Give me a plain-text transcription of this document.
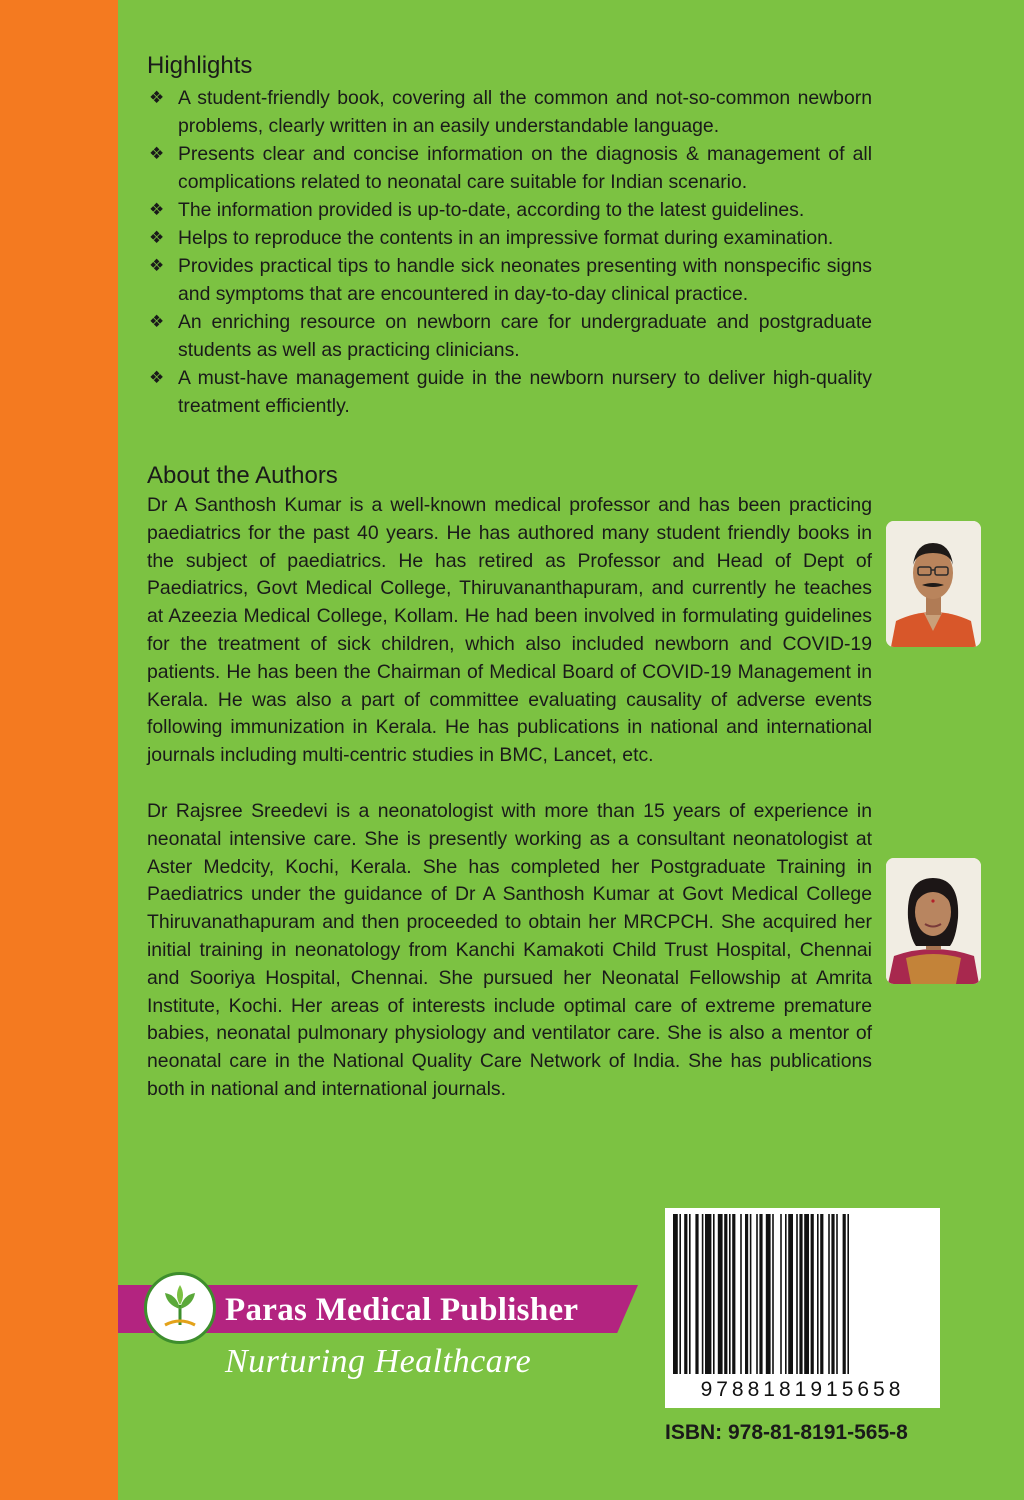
Highlights
❖ A student-friendly book, covering all the common and not-so-common newborn problems, clearly written in an easily understandable language.
❖ Presents clear and concise information on the diagnosis & management of all complications related to neonatal care suitable for Indian scenario.
❖ The information provided is up-to-date, according to the latest guidelines.
❖ Helps to reproduce the contents in an impressive format during examination.
❖ Provides practical tips to handle sick neonates presenting with nonspecific signs and symptoms that are encountered in day-to-day clinical practice.
❖ An enriching resource on newborn care for undergraduate and postgraduate students as well as practicing clinicians.
❖ A must-have management guide in the newborn nursery to deliver high-quality treatment efficiently.
About the Authors

Dr A Santhosh Kumar is a well-known medical professor and has been practicing paediatrics for the past 40 years. He has authored many student friendly books in the subject of paediatrics. He has retired as Professor and Head of Dept of Paediatrics, Govt Medical College, Thiruvananthapuram, and currently he teaches at Azeezia Medical College, Kollam. He had been involved in formulating guidelines for the treatment of sick children, which also included newborn and COVID-19 patients. He has been the Chairman of Medical Board of COVID-19 Management in Kerala. He was also a part of committee evaluating causality of adverse events following immunization in Kerala. He has publications in national and international journals including multi-centric studies in BMC, Lancet, etc.

Dr Rajsree Sreedevi is a neonatologist with more than 15 years of experience in neonatal intensive care. She is presently working as a consultant neonatologist at Aster Medcity, Kochi, Kerala. She has completed her Postgraduate Training in Paediatrics under the guidance of Dr A Santhosh Kumar at Govt Medical College Thiruvanathapuram and then proceeded to obtain her MRCPCH. She acquired her initial training in neonatology from Kanchi Kamakoti Child Trust Hospital, Chennai and Sooriya Hospital, Chennai. She pursued her Neonatal Fellowship at Amrita Institute, Kochi. Her areas of interests include optimal care of extreme premature babies, neonatal pulmonary physiology and ventilator care. She is also a mentor of neonatal care in the National Quality Care Network of India. She has publications both in national and international journals.

Paras Medical Publisher
Nurturing Healthcare
9788181915658
ISBN: 978-81-8191-565-8
